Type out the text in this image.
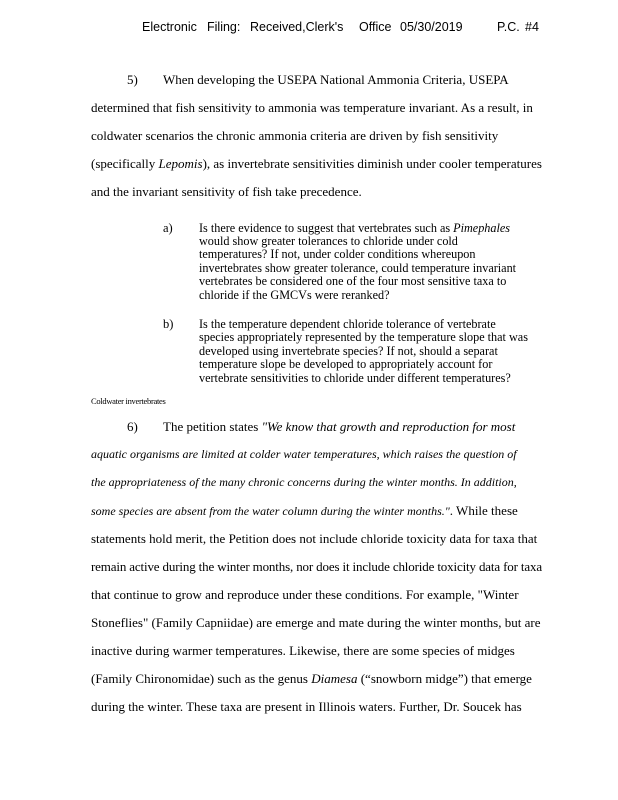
Electronic Filing: Received,Clerk's Office 05/30/2019	P.C. #4
5) When developing the USEPA National Ammonia Criteria, USEPA
determined that fish sensitivity to ammonia was temperature invariant. As a result, in
coldwater scenarios the chronic ammonia criteria are driven by fish sensitivity
(specifically Lepomis), as invertebrate sensitivities diminish under cooler temperatures
and the invariant sensitivity of fish take precedence.
a) Is there evidence to suggest that vertebrates such as Pimephales
would show greater tolerances to chloride under cold
temperatures? If not, under colder conditions whereupon
invertebrates show greater tolerance, could temperature invariant
vertebrates be considered one of the four most sensitive taxa to
chloride if the GMCVs were reranked?
b) Is the temperature dependent chloride tolerance of vertebrate
species appropriately represented by the temperature slope that was
developed using invertebrate species? If not, should a separat
temperature slope be developed to appropriately account for
vertebrate sensitivities to chloride under different temperatures?
Coldwater invertebrates
6) The petition states "We know that growth and reproduction for most
aquatic organisms are limited at colder water temperatures, which raises the question of
the appropriateness of the many chronic concerns during the winter months. In addition,
some species are absent from the water column during the winter months.". While these
statements hold merit, the Petition does not include chloride toxicity data for taxa that
remain active during the winter months, nor does it include chloride toxicity data for taxa
that continue to grow and reproduce under these conditions. For example, "Winter
Stoneflies" (Family Capniidae) are emerge and mate during the winter months, but are
inactive during warmer temperatures. Likewise, there are some species of midges
(Family Chironomidae) such as the genus Diamesa (“snowborn midge”) that emerge
during the winter. These taxa are present in Illinois waters. Further, Dr. Soucek has
